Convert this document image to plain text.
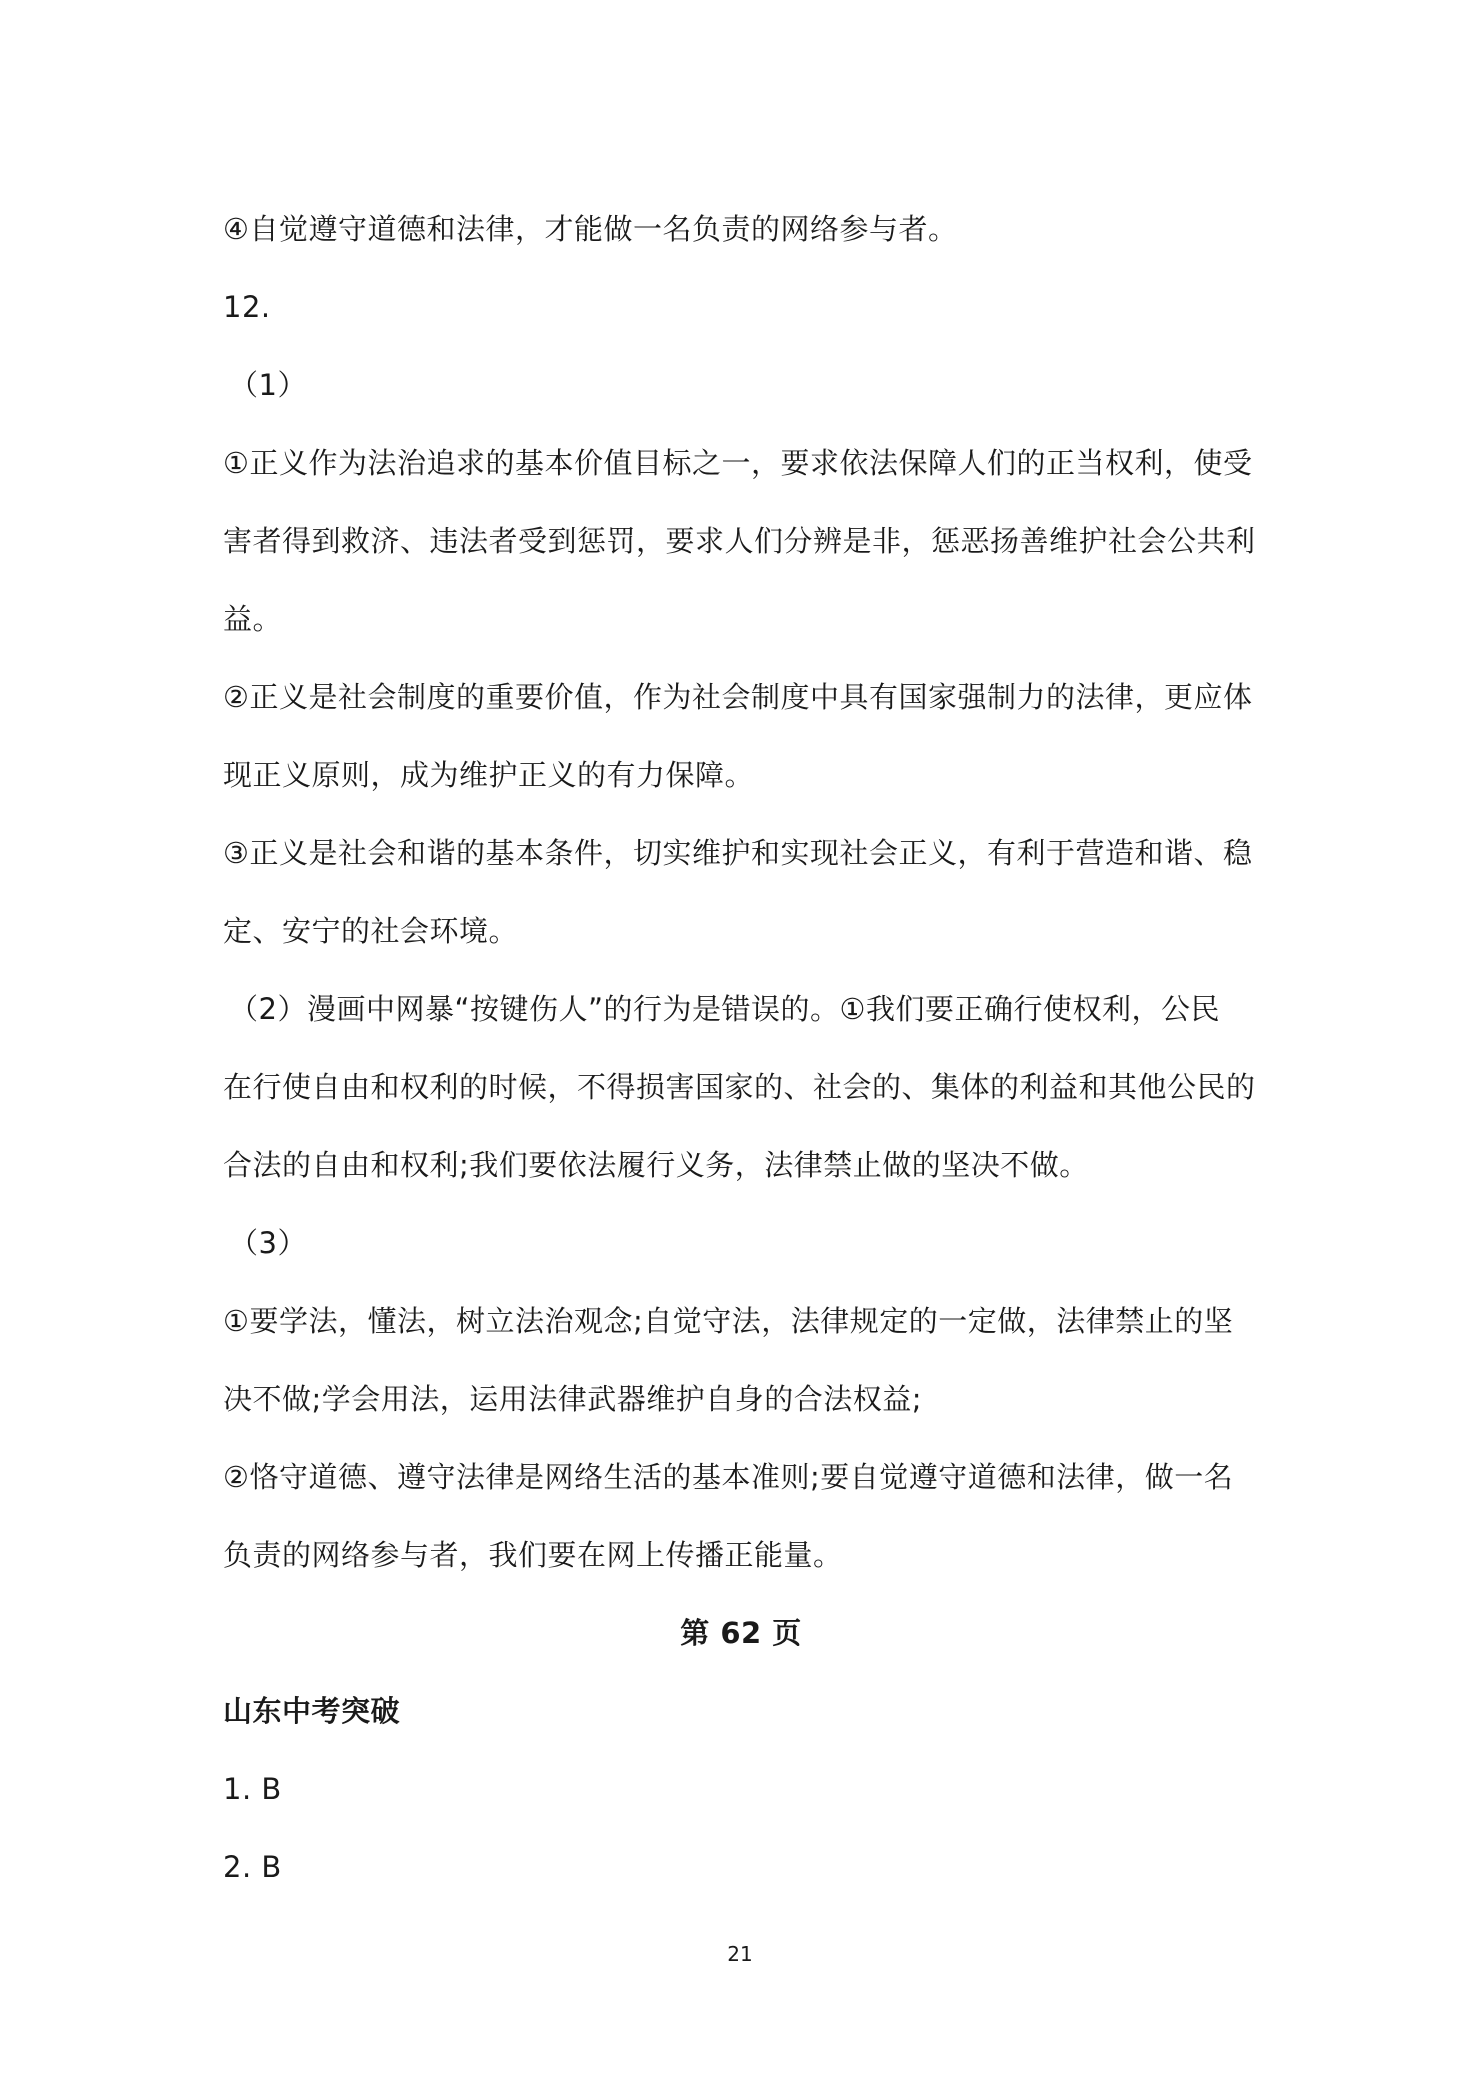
④自觉遵守道德和法律，才能做一名负责的网络参与者。
12.
（1）
①正义作为法治追求的基本价值目标之一，要求依法保障人们的正当权利，使受
害者得到救济、违法者受到惩罚，要求人们分辨是非，惩恶扬善维护社会公共利
益。
②正义是社会制度的重要价值，作为社会制度中具有国家强制力的法律，更应体
现正义原则，成为维护正义的有力保障。
③正义是社会和谐的基本条件，切实维护和实现社会正义，有利于营造和谐、稳
定、安宁的社会环境。
（2）漫画中网暴“按键伤人”的行为是错误的。①我们要正确行使权利，公民
在行使自由和权利的时候，不得损害国家的、社会的、集体的利益和其他公民的
合法的自由和权利;我们要依法履行义务，法律禁止做的坚决不做。
（3）
①要学法，懂法，树立法治观念;自觉守法，法律规定的一定做，法律禁止的坚
决不做;学会用法，运用法律武器维护自身的合法权益;
②恪守道德、遵守法律是网络生活的基本准则;要自觉遵守道德和法律，做一名
负责的网络参与者，我们要在网上传播正能量。
第 62 页
山东中考突破
1. B
2. B
21
